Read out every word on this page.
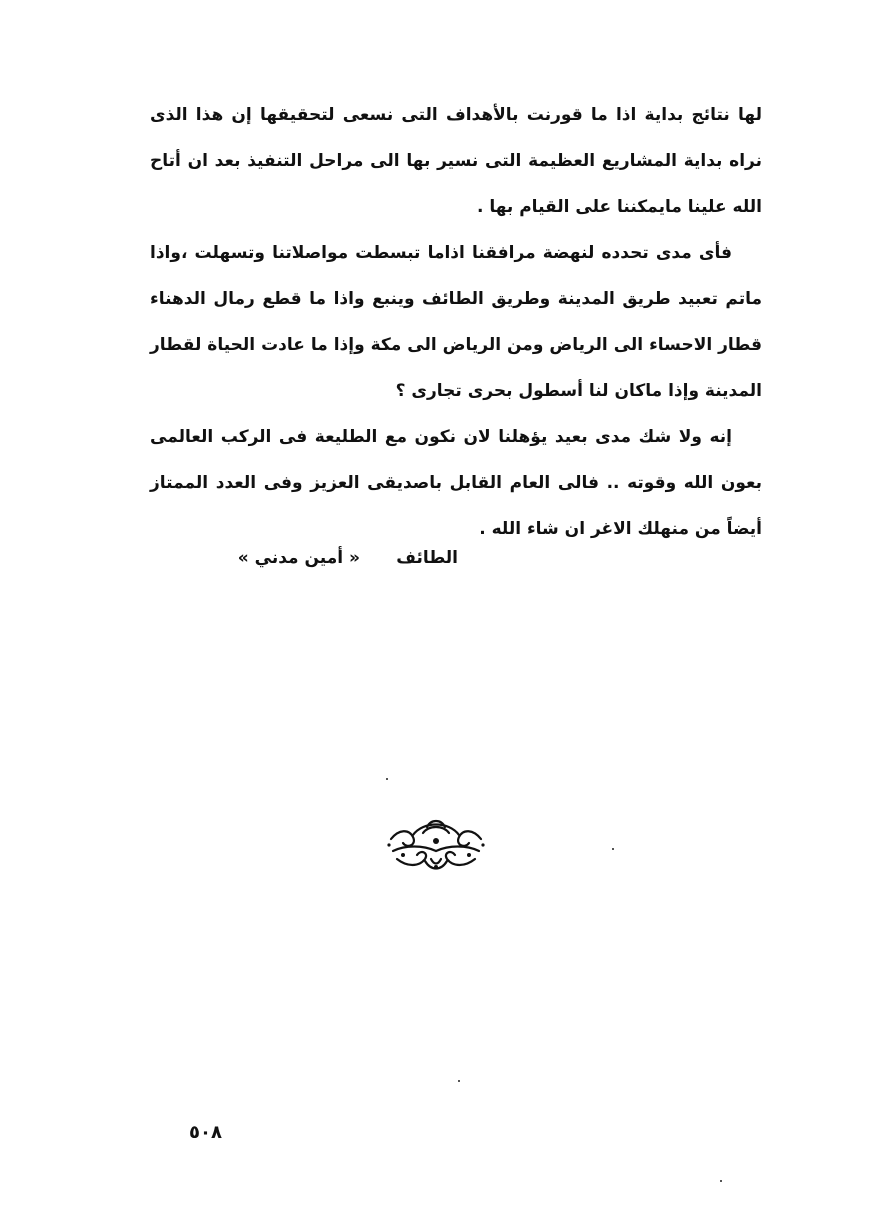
لها نتائج بداية اذا ما قورنت بالأهداف التى نسعى لتحقيقها إن هذا الذى نراه بداية المشاريع العظيمة التى نسير بها الى مراحل التنفيذ بعد ان أتاح الله علينا مايمكننا على القيام بها .

فأى مدى تحدده لنهضة مرافقنا اذاما تبسطت مواصلاتنا وتسهلت ،واذا ماتم تعبيد طريق المدينة وطريق الطائف وينبع واذا ما قطع رمال الدهناء قطار الاحساء الى الرياض ومن الرياض الى مكة وإذا ما عادت الحياة لقطار المدينة وإذا ماكان لنا أسطول بحرى تجارى ؟

إنه ولا شك مدى بعيد يؤهلنا لان نكون مع الطليعة فى الركب العالمى بعون الله وقوته .. فالى العام القابل باصديقى العزيز وفى العدد الممتاز أيضاً من منهلك الاغر ان شاء الله .

الطائف
« أمين مدني »
٥٠٨
